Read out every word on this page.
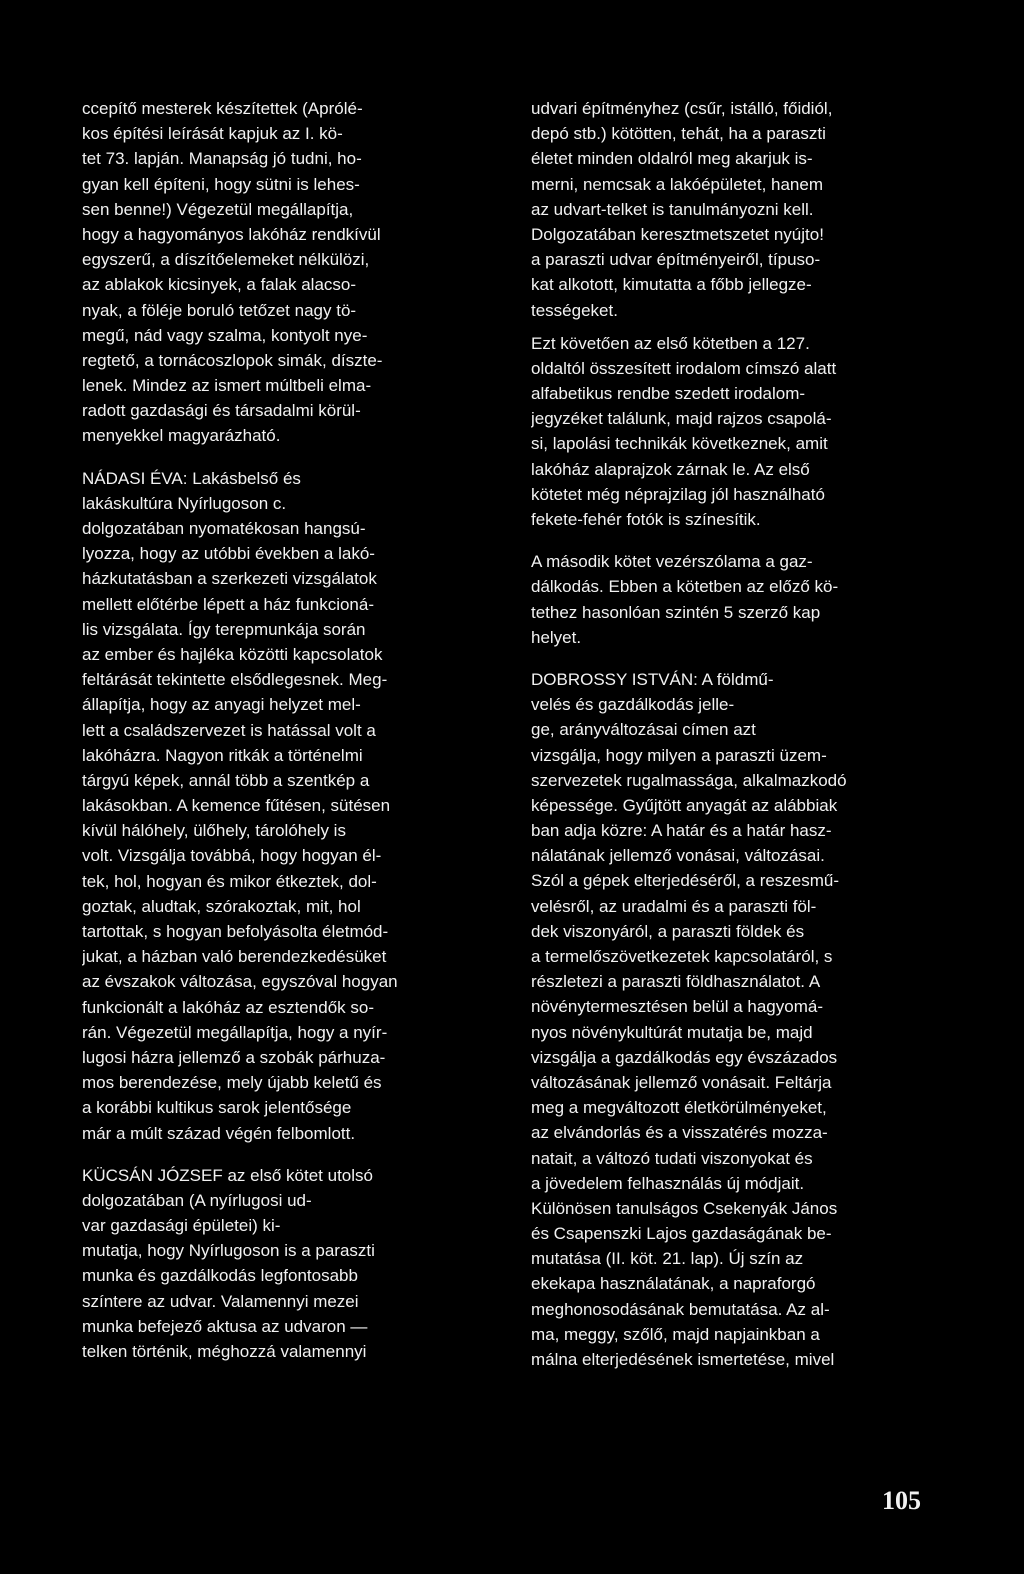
ccepítő mesterek készítettek (Aprólé-
kos építési leírását kapjuk az I. kö-
tet 73. lapján. Manapság jó tudni, ho-
gyan kell építeni, hogy sütni is lehes-
sen benne!) Végezetül megállapítja,
hogy a hagyományos lakóház rendkívül
egyszerű, a díszítőelemeket nélkülözi,
az ablakok kicsinyek, a falak alacso-
nyak, a föléje boruló tetőzet nagy tö-
megű, nád vagy szalma, kontyolt nye-
regtető, a tornácoszlopok simák, díszte-
lenek. Mindez az ismert múltbeli elma-
radott gazdasági és társadalmi körül-
menyekkel magyarázható.
NÁDASI ÉVA: Lakásbelső és
lakáskultúra Nyírlugoson c.
dolgozatában nyomatékosan hangsú-
lyozza, hogy az utóbbi években a lakó-
házkutatásban a szerkezeti vizsgálatok
mellett előtérbe lépett a ház funkcioná-
lis vizsgálata. Így terepmunkája során
az ember és hajléka közötti kapcsolatok
feltárását tekintette elsődlegesnek. Meg-
állapítja, hogy az anyagi helyzet mel-
lett a családszervezet is hatással volt a
lakóházra. Nagyon ritkák a történelmi
tárgyú képek, annál több a szentkép a
lakásokban. A kemence fűtésen, sütésen
kívül hálóhely, ülőhely, tárolóhely is
volt. Vizsgálja továbbá, hogy hogyan él-
tek, hol, hogyan és mikor étkeztek, dol-
goztak, aludtak, szórakoztak, mit, hol
tartottak, s hogyan befolyásolta életmód-
jukat, a házban való berendezkedésüket
az évszakok változása, egyszóval hogyan
funkcionált a lakóház az esztendők so-
rán. Végezetül megállapítja, hogy a nyír-
lugosi házra jellemző a szobák párhuza-
mos berendezése, mely újabb keletű és
a korábbi kultikus sarok jelentősége
már a múlt század végén felbomlott.
KÜCSÁN JÓZSEF az első kötet utolsó
dolgozatában (A nyírlugosi ud-
var gazdasági épületei) ki-
mutatja, hogy Nyírlugoson is a paraszti
munka és gazdálkodás legfontosabb
színtere az udvar. Valamennyi mezei
munka befejező aktusa az udvaron —
telken történik, méghozzá valamennyi
udvari építményhez (csűr, istálló, főidiól,
depó stb.) kötötten, tehát, ha a paraszti
életet minden oldalról meg akarjuk is-
merni, nemcsak a lakóépületet, hanem
az udvart-telket is tanulmányozni kell.
Dolgozatában keresztmetszetet nyújto!
a paraszti udvar építményeiről, típuso-
kat alkotott, kimutatta a főbb jellegze-
tességeket.
Ezt követően az első kötetben a 127.
oldaltól összesített irodalom címszó alatt
alfabetikus rendbe szedett irodalom-
jegyzéket találunk, majd rajzos csapolá-
si, lapolási technikák következnek, amit
lakóház alaprajzok zárnak le. Az első
kötetet még néprajzilag jól használható
fekete-fehér fotók is színesítik.
A második kötet vezérszólama a gaz-
dálkodás. Ebben a kötetben az előző kö-
tethez hasonlóan szintén 5 szerző kap
helyet.
DOBROSSY ISTVÁN: A földmű-
velés és gazdálkodás jelle-
ge, arányváltozásai címen azt
vizsgálja, hogy milyen a paraszti üzem-
szervezetek rugalmassága, alkalmazkodó
képessége. Gyűjtött anyagát az alábbiak
ban adja közre: A határ és a határ hasz-
nálatának jellemző vonásai, változásai.
Szól a gépek elterjedéséről, a reszesmű-
velésről, az uradalmi és a paraszti föl-
dek viszonyáról, a paraszti földek és
a termelőszövetkezetek kapcsolatáról, s
részletezi a paraszti földhasználatot. A
növénytermesztésen belül a hagyomá-
nyos növénykultúrát mutatja be, majd
vizsgálja a gazdálkodás egy évszázados
változásának jellemző vonásait. Feltárja
meg a megváltozott életkörülményeket,
az elvándorlás és a visszatérés mozza-
natait, a változó tudati viszonyokat és
a jövedelem felhasználás új módjait.
Különösen tanulságos Csekenyák János
és Csapenszki Lajos gazdaságának be-
mutatása (II. köt. 21. lap). Új szín az
ekekapa használatának, a napraforgó
meghonosodásának bemutatása. Az al-
ma, meggy, szőlő, majd napjainkban a
málna elterjedésének ismertetése, mivel
105
